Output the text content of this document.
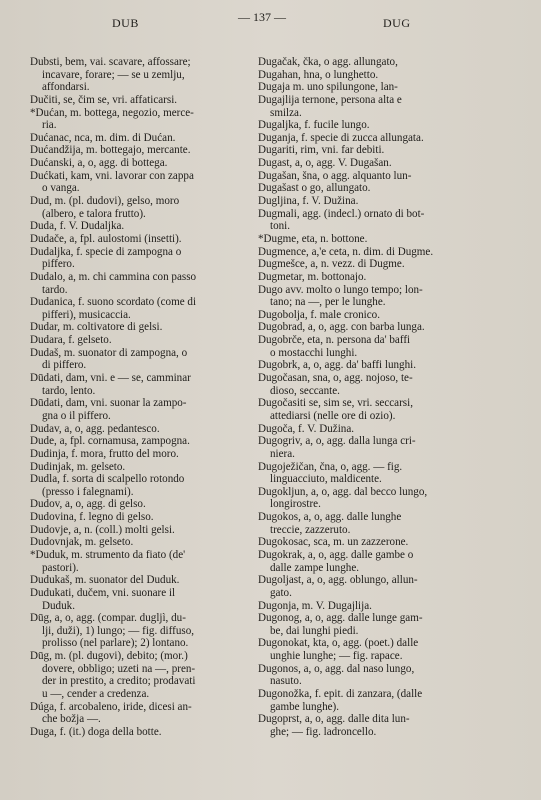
DUB	— 137 —	DUG
Dubsti, bem, vai. scavare, affossare;
incavare, forare; — se u zemlju,
affondarsi.
Dučiti, se, čim se, vri. affaticarsi.
*Dućan, m. bottega, negozio, merce-
ria.
Dućanac, nca, m. dim. di Dućan.
Dućandžija, m. bottegajo, mercante.
Dućanski, a, o, agg. di bottega.
Dućkati, kam, vni. lavorar con zappa
o vanga.
Dud, m. (pl. dudovi), gelso, moro
(albero, e talora frutto).
Duda, f. V. Dudaljka.
Dudače, a, fpl. aulostomi (insetti).
Dudaljka, f. specie di zampogna o
piffero.
Dudalo, a, m. chi cammina con passo
tardo.
Dudanica, f. suono scordato (come di
pifferi), musicaccia.
Dudar, m. coltivatore di gelsi.
Dudara, f. gelseto.
Dudaš, m. suonator di zampogna, o
di piffero.
Dūdati, dam, vni. e — se, camminar
tardo, lento.
Dūdati, dam, vni. suonar la zampo-
gna o il piffero.
Dudav, a, o, agg. pedantesco.
Dude, a, fpl. cornamusa, zampogna.
Dudinja, f. mora, frutto del moro.
Dudinjak, m. gelseto.
Dudla, f. sorta di scalpello rotondo
(presso i falegnami).
Dudov, a, o, agg. di gelso.
Dudovina, f. legno di gelso.
Dudovje, a, n. (coll.) molti gelsi.
Dudovnjak, m. gelseto.
*Duduk, m. strumento da fiato (de'
pastori).
Dudukaš, m. suonator del Duduk.
Dudukati, dučem, vni. suonare il
Duduk.
Dūg, a, o, agg. (compar. dugljì, du-
lji, duži), 1) lungo; — fig. diffuso,
prolisso (nel parlare); 2) lontano.
Dūg, m. (pl. dugovi), debito; (mor.)
dovere, obbligo; uzeti na —, pren-
der in prestito, a credito; prodavati
u —, cender a credenza.
Dúga, f. arcobaleno, iride, dicesi an-
che božja —.
Duga, f. (it.) doga della botte.
Dugačak, čka, o agg. allungato,
Dugahan, hna, o lunghetto.
Dugaja m. uno spilungone, lan-
Dugajlija ternone, persona alta e
smilza.
Dugaljka, f. fucile lungo.
Duganja, f. specie di zucca allungata.
Dugariti, rim, vni. far debiti.
Dugast, a, o, agg. V. Dugašan.
Dugašan, šna, o agg. alquanto lun-
Dugašast o go, allungato.
Dugljina, f. V. Dužina.
Dugmali, agg. (indecl.) ornato di bot-
toni.
*Dugme, eta, n. bottone.
Dugmence, a,'e ceta, n. dim. di Dugme.
Dugmešce, a, n. vezz. di Dugme.
Dugmetar, m. bottonajo.
Dugo avv. molto o lungo tempo; lon-
tano; na —, per le lunghe.
Dugobolja, f. male cronico.
Dugobrad, a, o, agg. con barba lunga.
Dugobrče, eta, n. persona da' baffi
o mostacchi lunghi.
Dugobrk, a, o, agg. da' baffi lunghi.
Dugočasan, sna, o, agg. nojoso, te-
dioso, seccante.
Dugočasiti se, sim se, vri. seccarsi,
attediarsi (nelle ore di ozio).
Dugoča, f. V. Dužina.
Dugogriv, a, o, agg. dalla lunga cri-
niera.
Dugoježičan, čna, o, agg. — fig.
linguacciuto, maldicente.
Dugokljun, a, o, agg. dal becco lungo,
longirostre.
Dugokos, a, o, agg. dalle lunghe
treccie, zazzeruto.
Dugokosac, sca, m. un zazzerone.
Dugokrak, a, o, agg. dalle gambe o
dalle zampe lunghe.
Dugoljast, a, o, agg. oblungo, allun-
gato.
Dugonja, m. V. Dugajlija.
Dugonog, a, o, agg. dalle lunge gam-
be, dai lunghi piedi.
Dugonokat, kta, o, agg. (poet.) dalle
unghie lunghe; — fig. rapace.
Dugonos, a, o, agg. dal naso lungo,
nasuto.
Dugonožka, f. epit. di zanzara, (dalle
gambe lunghe).
Dugoprst, a, o, agg. dalle dita lun-
ghe; — fig. ladroncello.
